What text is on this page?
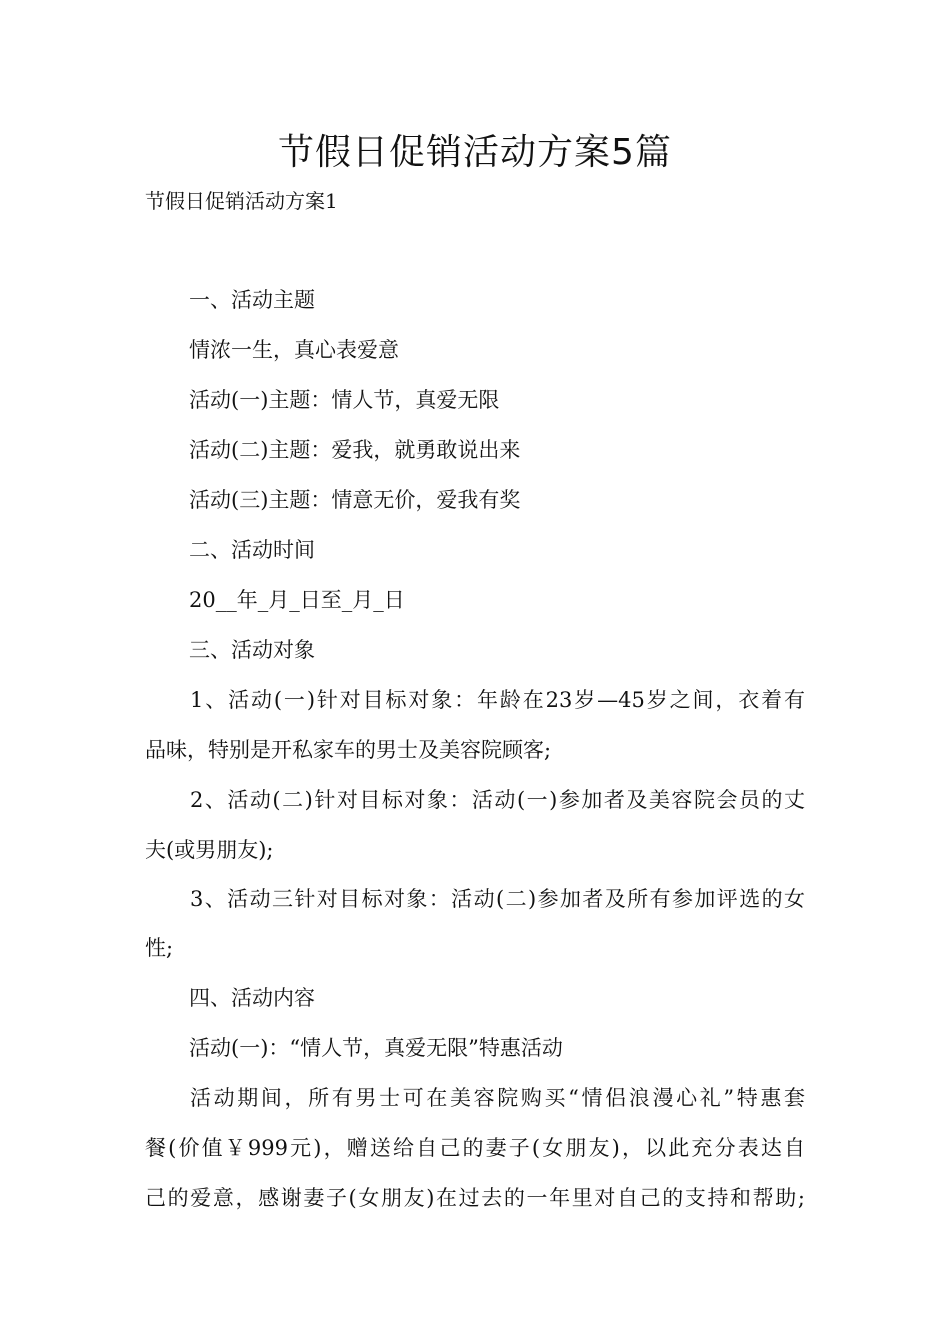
节假日促销活动方案5篇

节假日促销活动方案1

一、活动主题

情浓一生，真心表爱意

活动(一)主题：情人节，真爱无限

活动(二)主题：爱我，就勇敢说出来

活动(三)主题：情意无价，爱我有奖

二、活动时间

20__年_月_日至_月_日

三、活动对象

1、活动(一)针对目标对象：年龄在23岁—45岁之间，衣着有

品味，特别是开私家车的男士及美容院顾客;

2、活动(二)针对目标对象：活动(一)参加者及美容院会员的丈

夫(或男朋友);

3、活动三针对目标对象：活动(二)参加者及所有参加评选的女

性;

四、活动内容

活动(一)：“情人节，真爱无限”特惠活动

活动期间，所有男士可在美容院购买“情侣浪漫心礼”特惠套

餐(价值￥999元)，赠送给自己的妻子(女朋友)，以此充分表达自

己的爱意，感谢妻子(女朋友)在过去的一年里对自己的支持和帮助;
